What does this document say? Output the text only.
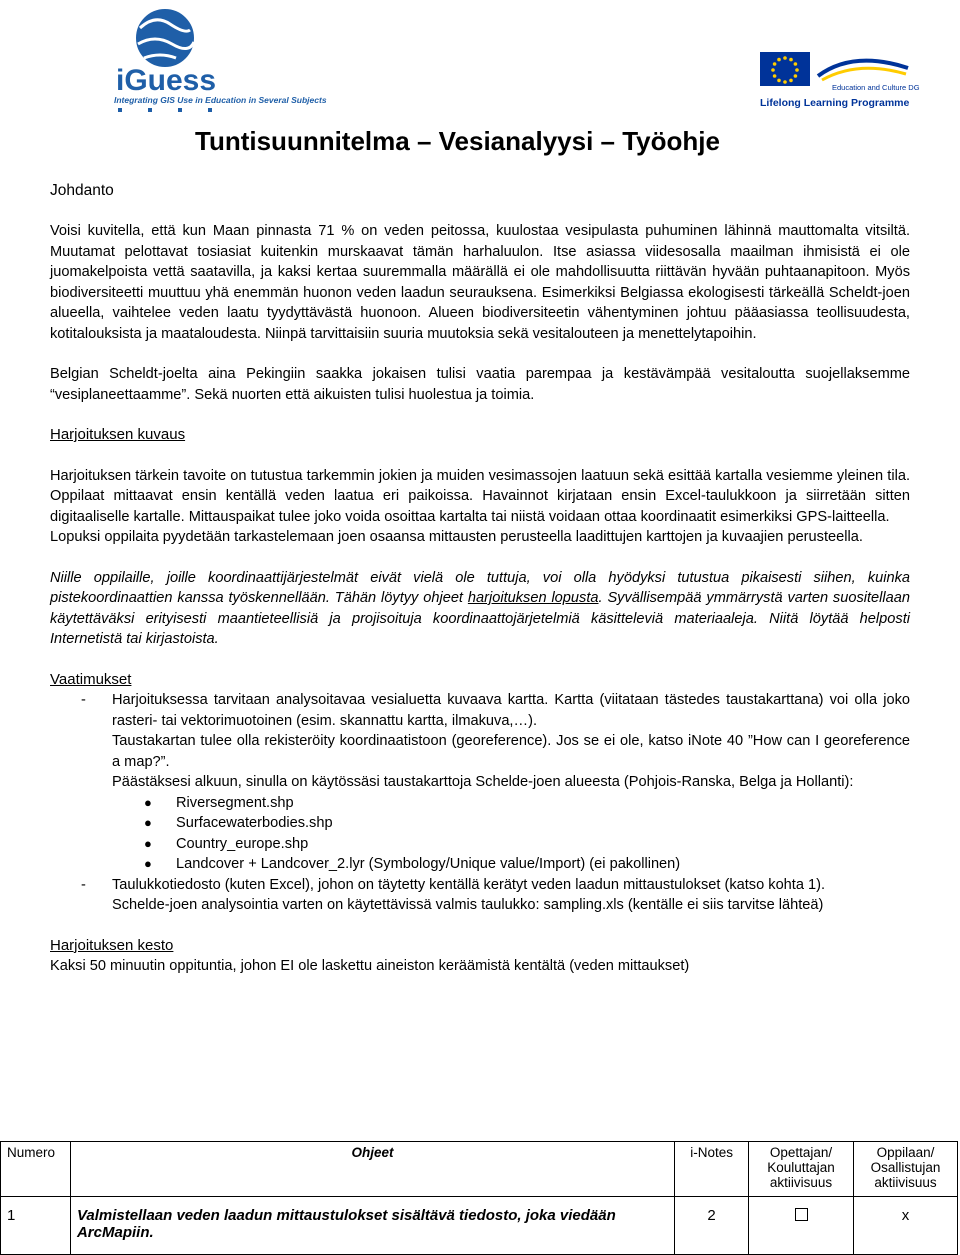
iGuess
Integrating GIS Use in Education in Several Subjects
Education and Culture DG
Lifelong Learning Programme
Tuntisuunnitelma – Vesianalyysi – Työohje
Johdanto

Voisi kuvitella, että kun Maan pinnasta 71 % on veden peitossa, kuulostaa vesipulasta puhuminen lähinnä mauttomalta vitsiltä. Muutamat pelottavat tosiasiat kuitenkin murskaavat tämän harhaluulon. Itse asiassa viidesosalla maailman ihmisistä ei ole juomakelpoista vettä saatavilla, ja kaksi kertaa suuremmalla määrällä ei ole mahdollisuutta riittävän hyvään puhtaanapitoon. Myös biodiversiteetti muuttuu yhä enemmän huonon veden laadun seurauksena. Esimerkiksi Belgiassa ekologisesti tärkeällä Scheldt-joen alueella, vaihtelee veden laatu tyydyttävästä huonoon. Alueen biodiversiteetin vähentyminen johtuu pääasiassa teollisuudesta, kotitalouksista ja maataloudesta. Niinpä tarvittaisiin suuria muutoksia sekä vesitalouteen ja menettelytapoihin.

Belgian Scheldt-joelta aina Pekingiin saakka jokaisen tulisi vaatia parempaa ja kestävämpää vesitaloutta suojellaksemme “vesiplaneettaamme”. Sekä nuorten että aikuisten tulisi huolestua ja toimia.

Harjoituksen kuvaus

Harjoituksen tärkein tavoite on tutustua tarkemmin jokien ja muiden vesimassojen laatuun sekä esittää kartalla vesiemme yleinen tila. Oppilaat mittaavat ensin kentällä veden laatua eri paikoissa. Havainnot kirjataan ensin Excel-taulukkoon ja siirretään sitten digitaaliselle kartalle. Mittauspaikat tulee joko voida osoittaa kartalta tai niistä voidaan ottaa koordinaatit esimerkiksi GPS-laitteella.

Lopuksi oppilaita pyydetään tarkastelemaan joen osaansa mittausten perusteella laadittujen karttojen ja kuvaajien perusteella.

Niille oppilaille, joille koordinaattijärjestelmät eivät vielä ole tuttuja, voi olla hyödyksi tutustua pikaisesti siihen, kuinka pistekoordinaattien kanssa työskennellään. Tähän löytyy ohjeet harjoituksen lopusta. Syvällisempää ymmärrystä varten suositellaan käytettäväksi erityisesti maantieteellisiä ja projisoituja koordinaattojärjetelmiä käsitteleviä materiaaleja. Niitä löytää helposti Internetistä tai kirjastoista.

Vaatimukset

- Harjoituksessa tarvitaan analysoitavaa vesialuetta kuvaava kartta. Kartta (viitataan tästedes taustakarttana) voi olla joko rasteri- tai vektorimuotoinen (esim. skannattu kartta, ilmakuva,…).
Taustakartan tulee olla rekisteröity koordinaatistoon (georeference). Jos se ei ole, katso iNote 40 ”How can I georeference a map?”.
Päästäksesi alkuun, sinulla on käytössäsi taustakarttoja Schelde-joen alueesta (Pohjois-Ranska, Belga ja Hollanti):
● Riversegment.shp
● Surfacewaterbodies.shp
● Country_europe.shp
● Landcover + Landcover_2.lyr (Symbology/Unique value/Import) (ei pakollinen)
- Taulukkotiedosto (kuten Excel), johon on täytetty kentällä kerätyt veden laadun mittaustulokset (katso kohta 1).
Schelde-joen analysointia varten on käytettävissä valmis taulukko: sampling.xls (kentälle ei siis tarvitse lähteä)

Harjoituksen kesto

Kaksi 50 minuutin oppituntia, johon EI ole laskettu aineiston keräämistä kentältä (veden mittaukset)

Numero	Ohjeet	i-Notes	Opettajan/ Kouluttajan aktiivisuus	Oppilaan/ Osallistujan aktiivisuus
1	Valmistellaan veden laadun mittaustulokset sisältävä tiedosto, joka viedään ArcMapiin.	2		x
